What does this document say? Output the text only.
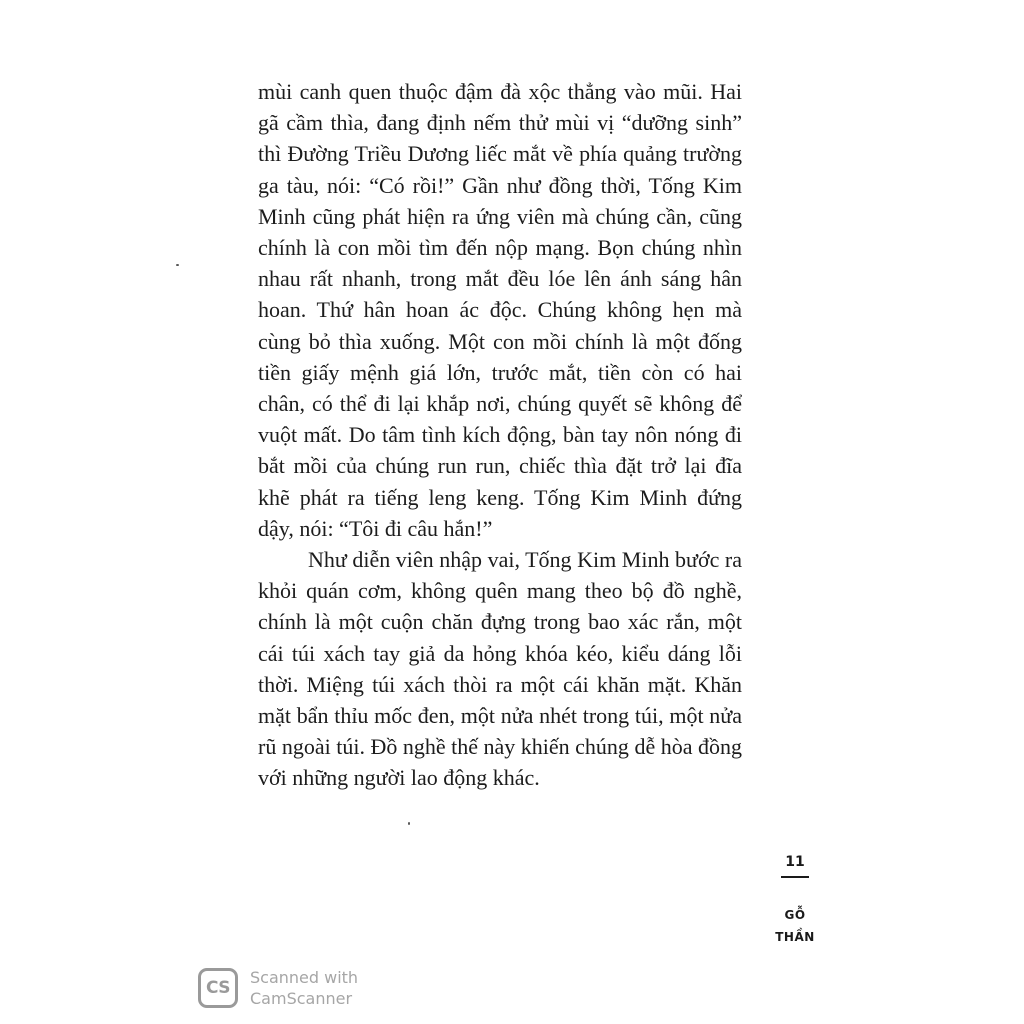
mùi canh quen thuộc đậm đà xộc thẳng vào mũi. Hai gã cầm thìa, đang định nếm thử mùi vị “dưỡng sinh” thì Đường Triều Dương liếc mắt về phía quảng trường ga tàu, nói: “Có rồi!” Gần như đồng thời, Tống Kim Minh cũng phát hiện ra ứng viên mà chúng cần, cũng chính là con mồi tìm đến nộp mạng. Bọn chúng nhìn nhau rất nhanh, trong mắt đều lóe lên ánh sáng hân hoan. Thứ hân hoan ác độc. Chúng không hẹn mà cùng bỏ thìa xuống. Một con mồi chính là một đống tiền giấy mệnh giá lớn, trước mắt, tiền còn có hai chân, có thể đi lại khắp nơi, chúng quyết sẽ không để vuột mất. Do tâm tình kích động, bàn tay nôn nóng đi bắt mồi của chúng run run, chiếc thìa đặt trở lại đĩa khẽ phát ra tiếng leng keng. Tống Kim Minh đứng dậy, nói: “Tôi đi câu hắn!”

Như diễn viên nhập vai, Tống Kim Minh bước ra khỏi quán cơm, không quên mang theo bộ đồ nghề, chính là một cuộn chăn đựng trong bao xác rắn, một cái túi xách tay giả da hỏng khóa kéo, kiểu dáng lỗi thời. Miệng túi xách thòi ra một cái khăn mặt. Khăn mặt bẩn thỉu mốc đen, một nửa nhét trong túi, một nửa rũ ngoài túi. Đồ nghề thế này khiến chúng dễ hòa đồng với những người lao động khác.

11
GỖ
THẦN
CS
Scanned with
CamScanner
